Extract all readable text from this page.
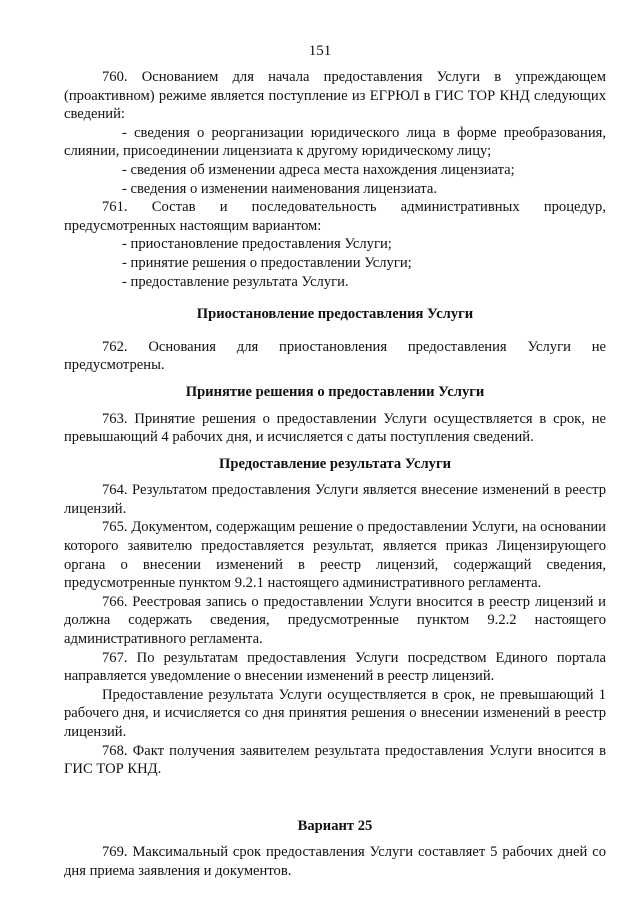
151

760. Основанием для начала предоставления Услуги в упреждающем (проактивном) режиме является поступление из ЕГРЮЛ в ГИС ТОР КНД следующих сведений:

- сведения о реорганизации юридического лица в форме преобразования, слиянии, присоединении лицензиата к другому юридическому лицу;

- сведения об изменении адреса места нахождения лицензиата;

- сведения о изменении наименования лицензиата.

761. Состав и последовательность административных процедур, предусмотренных настоящим вариантом:

- приостановление предоставления Услуги;

- принятие решения о предоставлении Услуги;

- предоставление результата Услуги.

Приостановление предоставления Услуги

762. Основания для приостановления предоставления Услуги не предусмотрены.

Принятие решения о предоставлении Услуги

763. Принятие решения о предоставлении Услуги осуществляется в срок, не превышающий 4 рабочих дня, и исчисляется с даты поступления сведений.

Предоставление результата Услуги

764. Результатом предоставления Услуги является внесение изменений в реестр лицензий.

765. Документом, содержащим решение о предоставлении Услуги, на основании которого заявителю предоставляется результат, является приказ Лицензирующего органа о внесении изменений в реестр лицензий, содержащий сведения, предусмотренные пунктом 9.2.1 настоящего административного регламента.

766. Реестровая запись о предоставлении Услуги вносится в реестр лицензий и должна содержать сведения, предусмотренные пунктом 9.2.2 настоящего административного регламента.

767. По результатам предоставления Услуги посредством Единого портала направляется уведомление о внесении изменений в реестр лицензий.

Предоставление результата Услуги осуществляется в срок, не превышающий 1 рабочего дня, и исчисляется со дня принятия решения о внесении изменений в реестр лицензий.

768. Факт получения заявителем результата предоставления Услуги вносится в ГИС ТОР КНД.

Вариант 25

769. Максимальный срок предоставления Услуги составляет 5 рабочих дней со дня приема заявления и документов.
